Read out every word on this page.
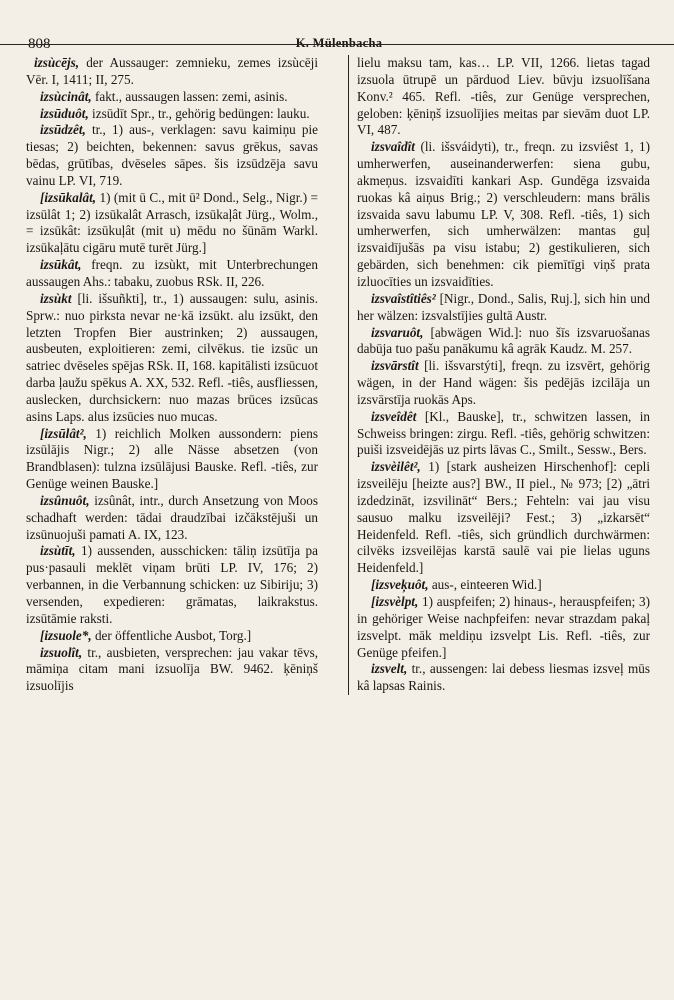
808	K. Mülenbacha

izsùcējs, der Aussauger: zemnieku, zemes izsùcēji Vēr. I, 1411; II, 275.

izsùcinât, fakt., aussaugen lassen: zemi, asinis.

izsūduôt, izsūdīt Spr., tr., gehörig bedüngen: lauku.

izsūdzêt, tr., 1) aus-, verklagen: savu kaimiņu pie tiesas; 2) beichten, bekennen: savus grēkus, savas bēdas, grūtības, dvēseles sāpes. šis izsūdzēja savu vainu LP. VI, 719.

[izsūkalât, 1) (mit ū C., mit ū² Dond., Selg., Nigr.) = izsūlât 1; 2) izsūkalât Arrasch, izsūkaļât Jürg., Wolm., = izsūkât: izsūkuļât (mit u) mēdu no šūnām Warkl. izsūkaļātu cigāru mutē turēt Jürg.]

izsūkât, freqn. zu izsùkt, mit Unterbrechungen aussaugen Ahs.: tabaku, zuobus RSk. II, 226.

izsùkt [li. išsuñkti], tr., 1) aussaugen: sulu, asinis. Sprw.: nuo pirksta nevar ne·kā izsūkt. alu izsūkt, den letzten Tropfen Bier austrinken; 2) aussaugen, ausbeuten, exploitieren: zemi, cilvēkus. tie izsūc un satriec dvēseles spējas RSk. II, 168. kapitālisti izsūcuot darba ļaužu spēkus A. XX, 532. Refl. -tiês, ausfliessen, auslecken, durchsickern: nuo mazas brūces izsūcas asins Laps. alus izsūcies nuo mucas.

[izsūlât², 1) reichlich Molken aussondern: piens izsūlājis Nigr.; 2) alle Nässe absetzen (von Brandblasen): tulzna izsūlājusi Bauske. Refl. -tiês, zur Genüge weinen Bauske.]

izsûnuôt, izsûnât, intr., durch Ansetzung von Moos schadhaft werden: tādai draudzībai izčākstējuši un izsūnuojuši pamati A. IX, 123.

izsùtīt, 1) aussenden, ausschicken: tāliņ izsūtīja pa pus·pasauli meklēt viņam brūti LP. IV, 176; 2) verbannen, in die Verbannung schicken: uz Sibiriju; 3) versenden, expedieren: grāmatas, laikrakstus. izsūtāmie raksti.

[izsuole*, der öffentliche Ausbot, Torg.]

izsuolît, tr., ausbieten, versprechen: jau vakar tēvs, māmiņa citam mani izsuolīja BW. 9462. ķēniņš izsuolījis

lielu maksu tam, kas… LP. VII, 1266. lietas tagad izsuola ūtrupē un pārduod Liev. būvju izsuolīšana Konv.² 465. Refl. -tiês, zur Genüge versprechen, geloben: ķēniņš izsuolījies meitas par sievām duot LP. VI, 487.

izsvaîdît (li. išsváidyti), tr., freqn. zu izsviêst 1, 1) umherwerfen, auseinanderwerfen: siena gubu, akmeņus. izsvaidīti kankari Asp. Gundēga izsvaida ruokas kâ aiņus Brig.; 2) verschleudern: mans brālis izsvaida savu labumu LP. V, 308. Refl. -tiês, 1) sich umherwerfen, sich umherwälzen: mantas guļ izsvaidījušās pa visu istabu; 2) gestikulieren, sich gebärden, sich benehmen: cik piemītīgi viņš prata izluocīties un izsvaidīties.

izsvaîstîtiês² [Nigr., Dond., Salis, Ruj.], sich hin und her wälzen: izsvalstījies gultā Austr.

izsvaruôt, [abwägen Wid.]: nuo šīs izsvaruošanas dabūja tuo pašu panākumu kâ agrāk Kaudz. M. 257.

izsvārstît [li. išsvarstýti], freqn. zu izsvērt, gehörig wägen, in der Hand wägen: šis pedējās izcilāja un izsvārstīja ruokās Aps.

izsveîdêt [Kl., Bauske], tr., schwitzen lassen, in Schweiss bringen: zirgu. Refl. -tiês, gehörig schwitzen: puiši izsveidējās uz pirts lāvas C., Smilt., Sessw., Bers.

izsvèilêt², 1) [stark ausheizen Hirschenhof]: cepli izsveilēju [heizte aus?] BW., II piel., № 973; [2) „ātri izdedzināt, izsvilināt“ Bers.; Fehteln: vai jau visu sausuo malku izsveilēji? Fest.; 3) „izkarsēt“ Heidenfeld. Refl. -tiês, sich gründlich durchwärmen: cilvēks izsveilējas karstā saulē vai pie lielas uguns Heidenfeld.]

[izsveķuôt, aus-, einteeren Wid.]

[izsvèlpt, 1) auspfeifen; 2) hinaus-, herauspfeifen; 3) in gehöriger Weise nachpfeifen: nevar strazdam pakaļ izsvelpt. māk meldiņu izsvelpt Lis. Refl. -tiês, zur Genüge pfeifen.]

izsvelt, tr., aussengen: lai debess liesmas izsveļ mūs kâ lapsas Rainis.
